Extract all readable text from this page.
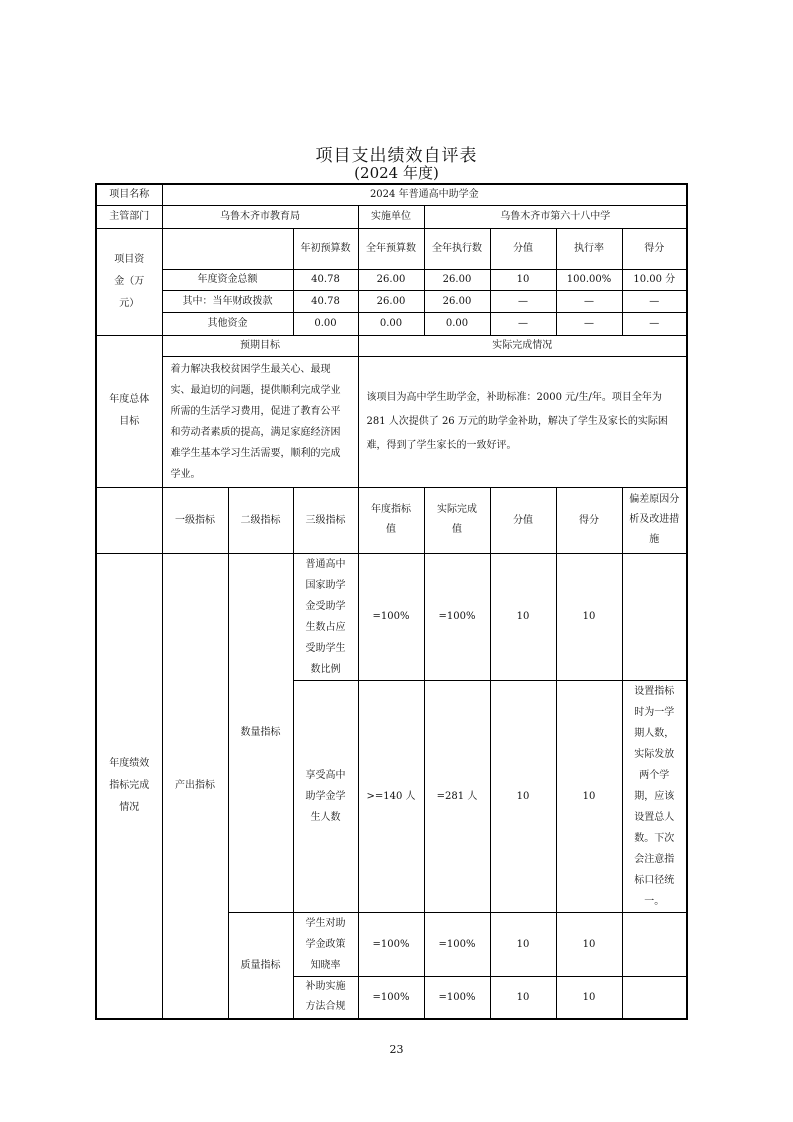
项目支出绩效自评表
(2024 年度)
项目名称	2024 年普通高中助学金							
主管部门	乌鲁木齐市教育局			实施单位	乌鲁木齐市第六十八中学			
项目资金（万元）			年初预算数	全年预算数	全年执行数	分值	执行率	得分
	年度资金总额		40.78	26.00	26.00	10	100.00%	10.00 分
	其中：当年财政拨款		40.78	26.00	26.00	—	—	—
	其他资金		0.00	0.00	0.00	—	—	—
年度总体目标	预期目标			实际完成情况				
	着力解决我校贫困学生最关心、最现实、最迫切的问题，提供顺利完成学业所需的生活学习费用，促进了教育公平和劳动者素质的提高，满足家庭经济困难学生基本学习生活需要，顺利的完成学业。			该项目为高中学生助学金，补助标准：2000 元/生/年。项目全年为 281 人次提供了 26 万元的助学金补助，解决了学生及家长的实际困难，得到了学生家长的一致好评。				
	一级指标	二级指标	三级指标	年度指标值	实际完成值	分值	得分	偏差原因分析及改进措施
年度绩效指标完成情况	产出指标	数量指标	普通高中国家助学金受助学生数占应受助学生数比例	=100%	=100%	10	10	
			享受高中助学金学生人数	>=140 人	=281 人	10	10	设置指标时为一学期人数，实际发放两个学期，应该设置总人数。下次会注意指标口径统一。
		质量指标	学生对助学金政策知晓率	=100%	=100%	10	10	
			补助实施方法合规	=100%	=100%	10	10	
23
